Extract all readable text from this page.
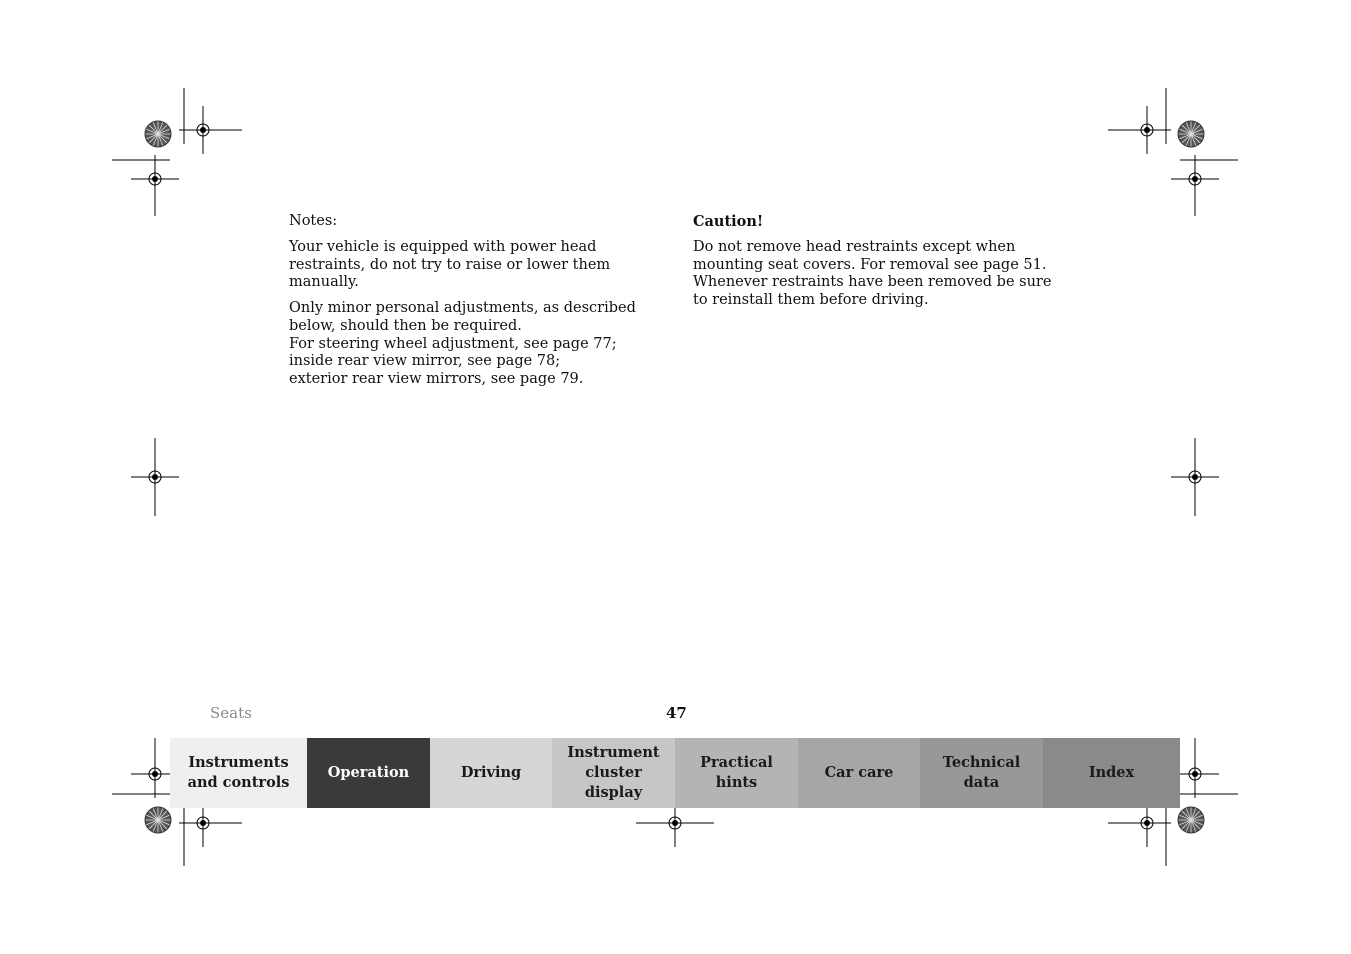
Notes:

Your vehicle is equipped with power head restraints, do not try to raise or lower them manually.

Only minor personal adjustments, as described below, should then be required.
For steering wheel adjustment, see page 77;
inside rear view mirror, see page 78;
exterior rear view mirrors, see page 79.

Caution!

Do not remove head restraints except when mounting seat covers. For removal see page 51. Whenever restraints have been removed be sure to reinstall them before driving.

Seats	47
Instruments
and controls
Operation	Driving
Instrument
cluster display
Practical hints
Car care
Technical
data
Index
